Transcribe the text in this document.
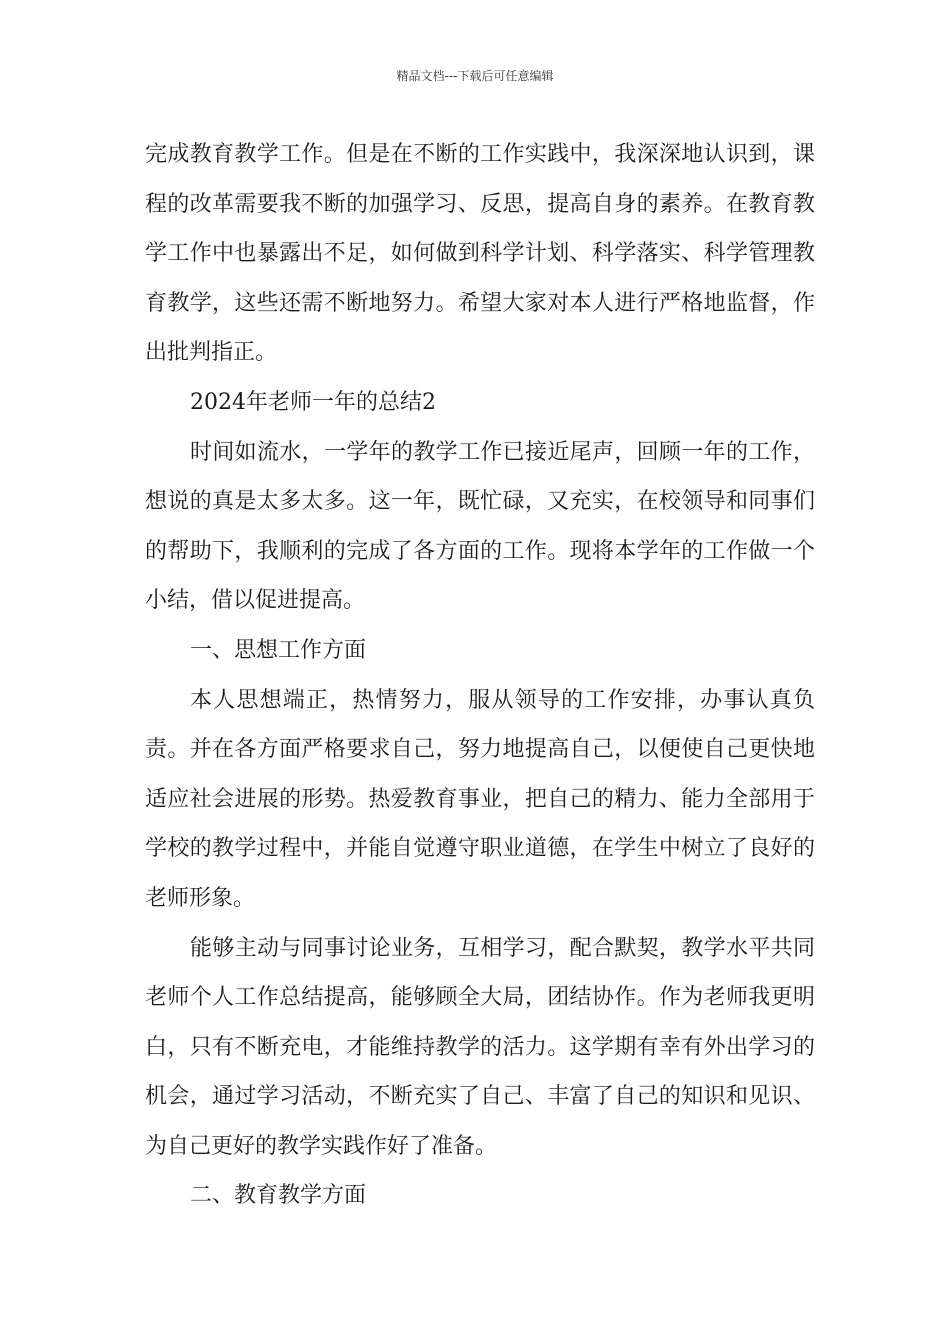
精品文档---下载后可任意编辑

完成教育教学工作。但是在不断的工作实践中，我深深地认识到，课程的改革需要我不断的加强学习、反思，提高自身的素养。在教育教学工作中也暴露出不足，如何做到科学计划、科学落实、科学管理教育教学，这些还需不断地努力。希望大家对本人进行严格地监督，作出批判指正。

2024年老师一年的总结2

时间如流水，一学年的教学工作已接近尾声，回顾一年的工作，想说的真是太多太多。这一年，既忙碌，又充实，在校领导和同事们的帮助下，我顺利的完成了各方面的工作。现将本学年的工作做一个小结，借以促进提高。

一、思想工作方面

本人思想端正，热情努力，服从领导的工作安排，办事认真负责。并在各方面严格要求自己，努力地提高自己，以便使自己更快地适应社会进展的形势。热爱教育事业，把自己的精力、能力全部用于学校的教学过程中，并能自觉遵守职业道德，在学生中树立了良好的老师形象。

能够主动与同事讨论业务，互相学习，配合默契，教学水平共同老师个人工作总结提高，能够顾全大局，团结协作。作为老师我更明白，只有不断充电，才能维持教学的活力。这学期有幸有外出学习的机会，通过学习活动，不断充实了自己、丰富了自己的知识和见识、为自己更好的教学实践作好了准备。

二、教育教学方面
